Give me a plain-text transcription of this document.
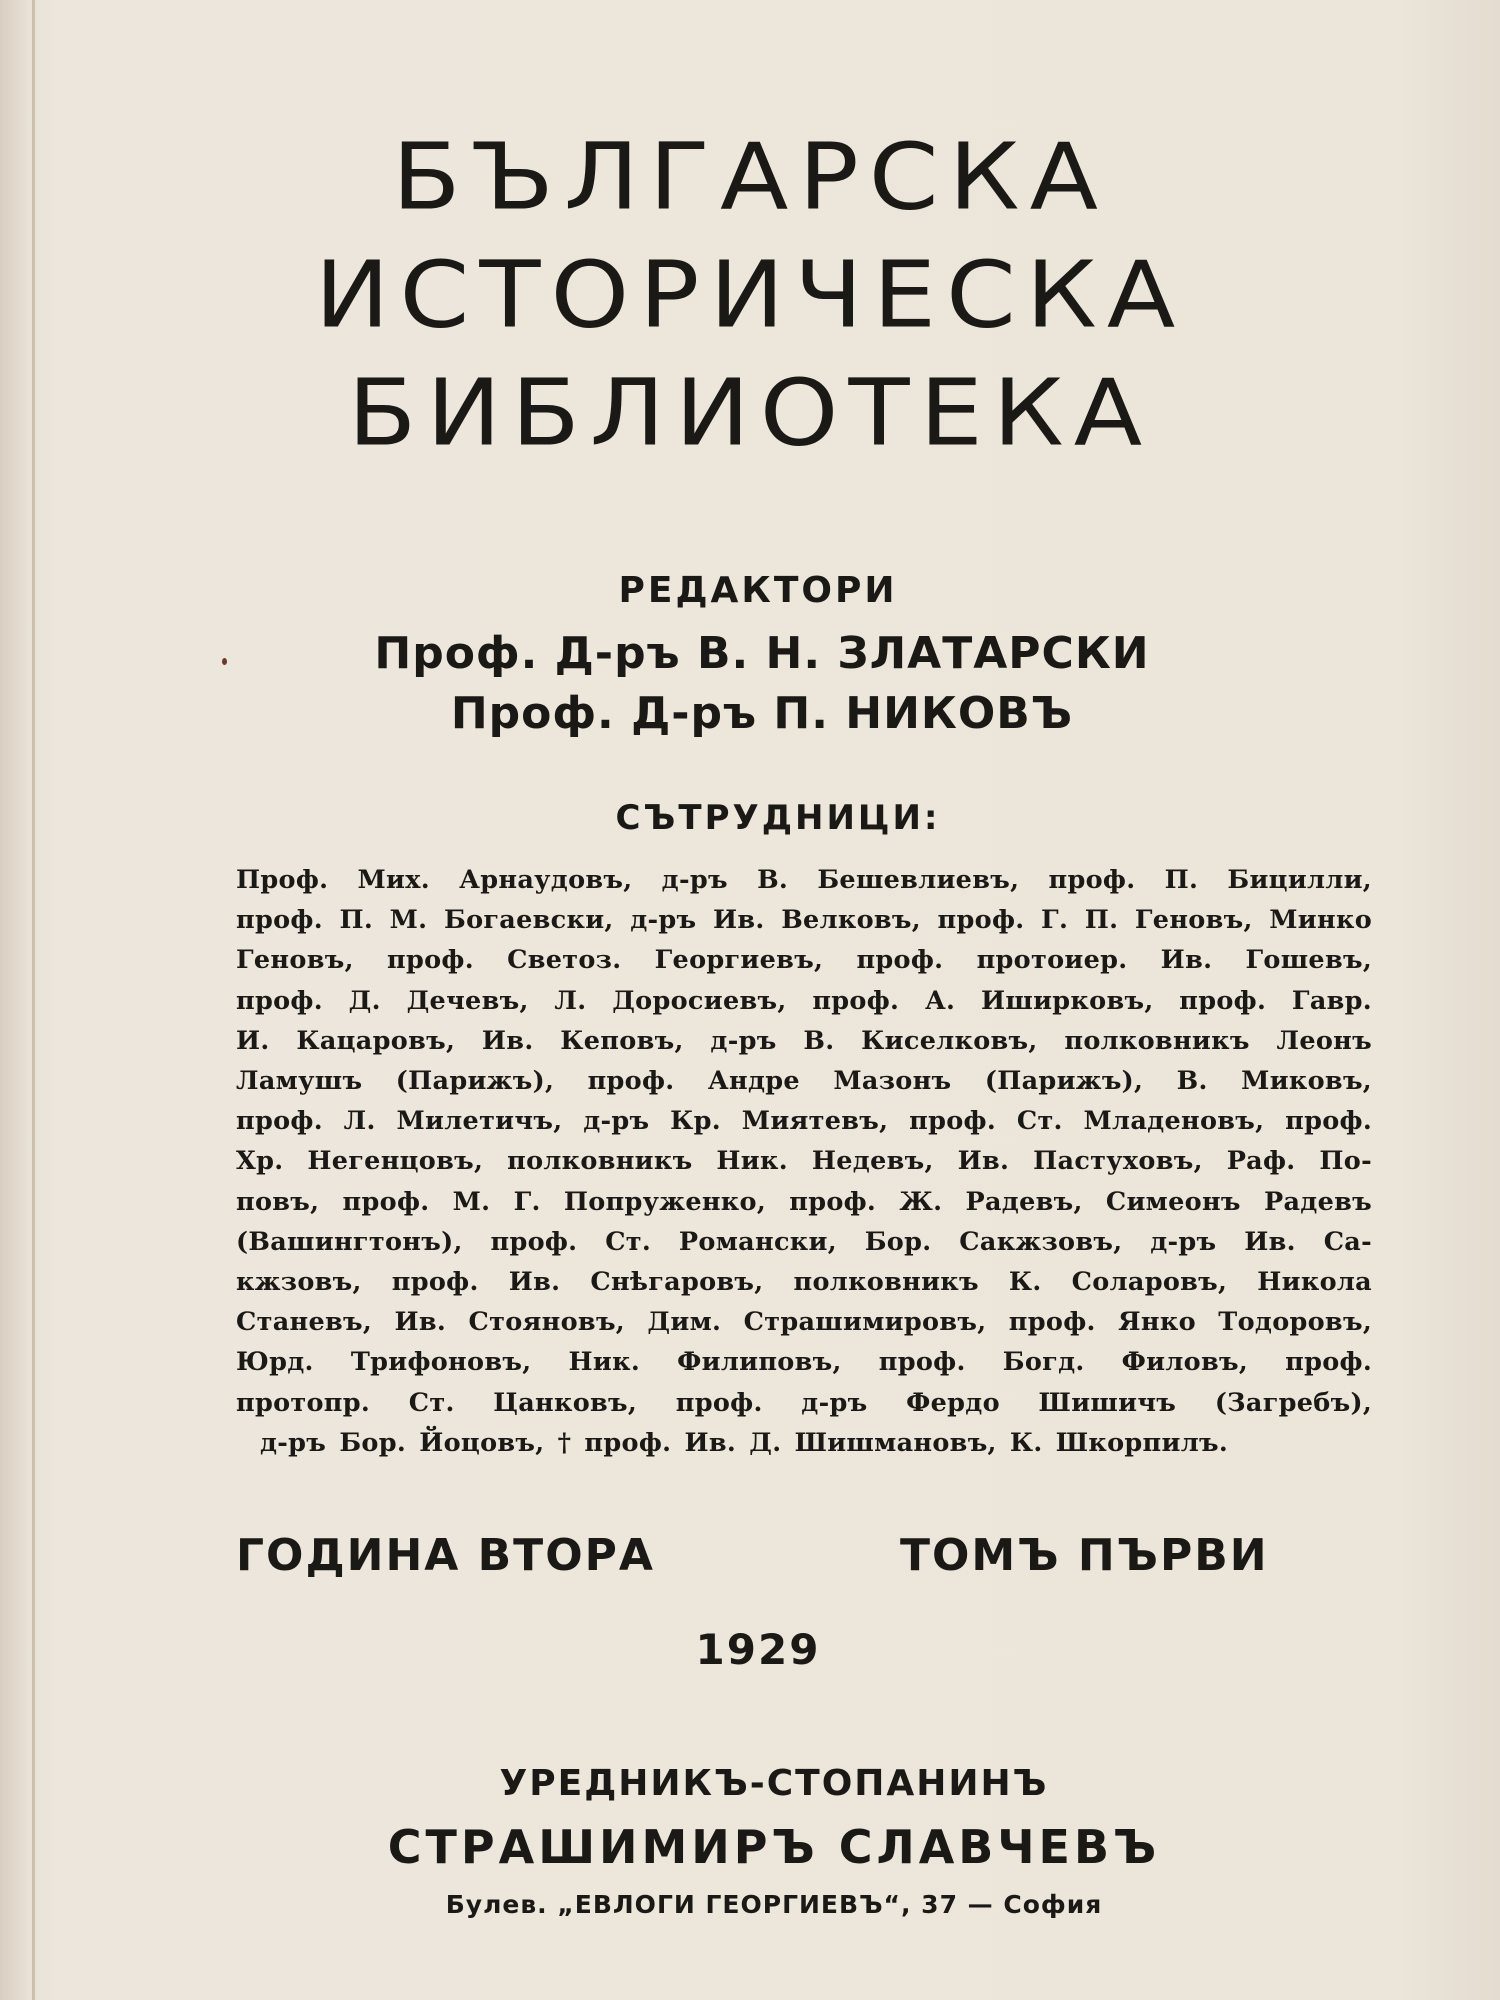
БЪЛГАРСКА
ИСТОРИЧЕСКА
БИБЛИОТЕКА
РЕДАКТОРИ
Проф. Д-ръ В. Н. ЗЛАТАРСКИ
Проф. Д-ръ П. НИКОВЪ
СЪТРУДНИЦИ:
Проф. Мих. Арнаудовъ, д-ръ В. Бешевлиевъ, проф. П. Бицилли,
проф. П. М. Богаевски, д-ръ Ив. Велковъ, проф. Г. П. Геновъ, Минко
Геновъ, проф. Светоз. Георгиевъ, проф. протоиер. Ив. Гошевъ,
проф. Д. Дечевъ, Л. Доросиевъ, проф. А. Иширковъ, проф. Гавр.
И. Кацаровъ, Ив. Кеповъ, д-ръ В. Киселковъ, полковникъ Леонъ
Ламушъ (Парижъ), проф. Андре Мазонъ (Парижъ), В. Миковъ,
проф. Л. Милетичъ, д-ръ Кр. Миятевъ, проф. Ст. Младеновъ, проф.
Хр. Негенцовъ, полковникъ Ник. Недевъ, Ив. Пастуховъ, Раф. По-
повъ, проф. М. Г. Попруженко, проф. Ж. Радевъ, Симеонъ Радевъ
(Вашингтонъ), проф. Ст. Романски, Бор. Сакжзовъ, д-ръ Ив. Са-
кжзовъ, проф. Ив. Снѣгаровъ, полковникъ К. Соларовъ, Никола
Станевъ, Ив. Стояновъ, Дим. Страшимировъ, проф. Янко Тодоровъ,
Юрд. Трифоновъ, Ник. Филиповъ, проф. Богд. Филовъ, проф.
протопр. Ст. Цанковъ, проф. д-ръ Фердо Шишичъ (Загребъ),
д-ръ Бор. Йоцовъ, † проф. Ив. Д. Шишмановъ, К. Шкорпилъ.
ГОДИНА ВТОРА	ТОМЪ ПЪРВИ
1929
УРЕДНИКЪ-СТОПАНИНЪ
СТРАШИМИРЪ СЛАВЧЕВЪ
Булев. „ЕВЛОГИ ГЕОРГИЕВЪ“, 37 — София
